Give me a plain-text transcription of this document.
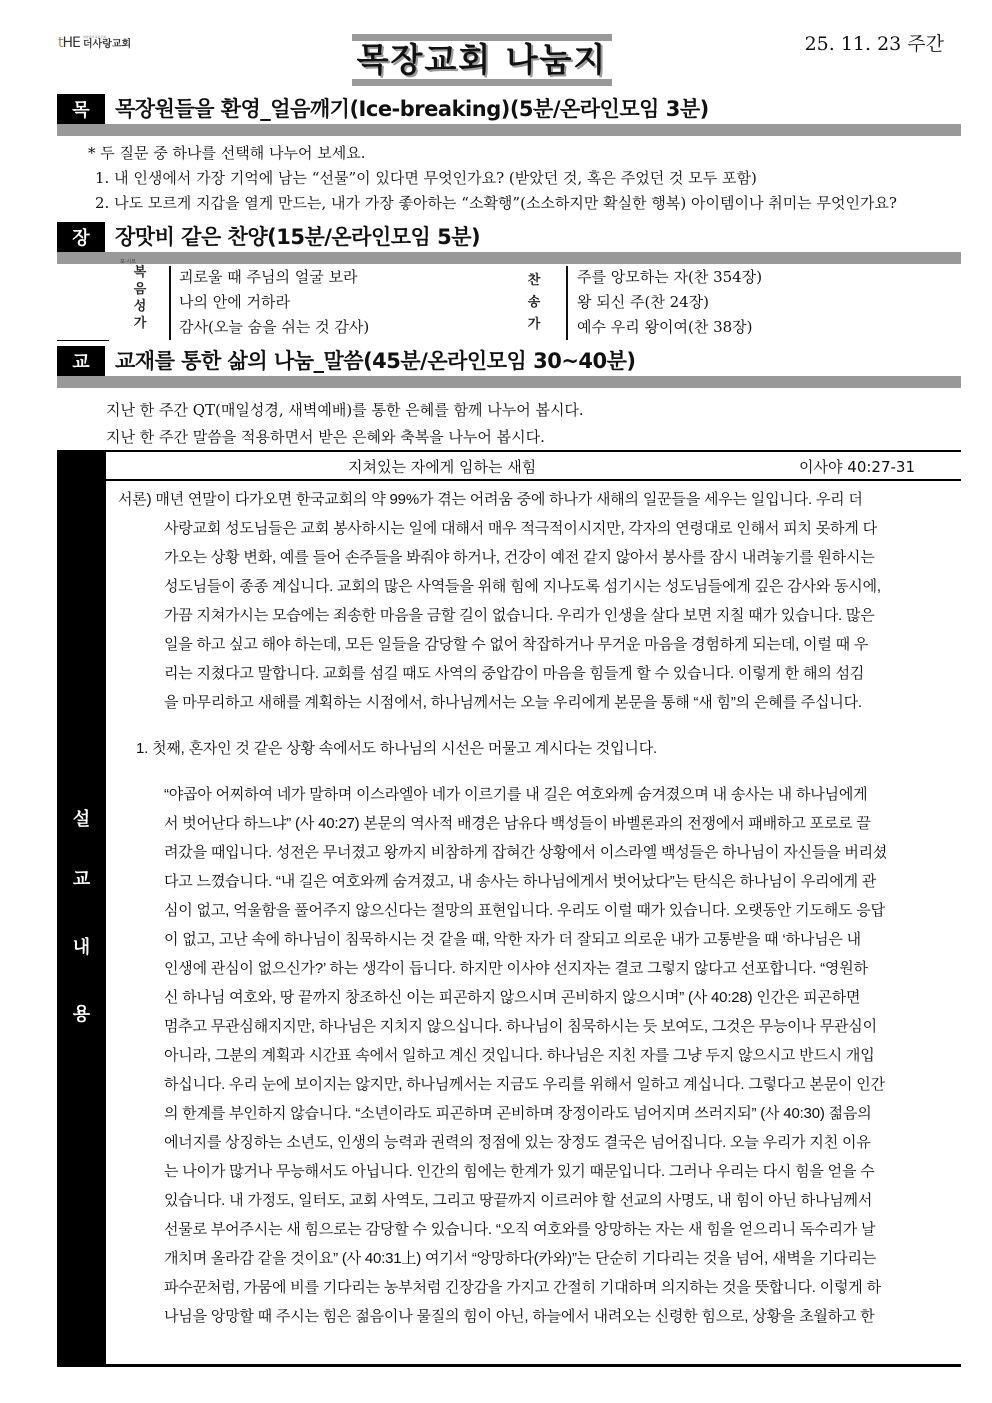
tHE 대한예수교장로회
더사랑교회	목장교회 나눔지	25. 11. 23 주간
목	목장원들을 환영_얼음깨기(Ice-breaking)(5분/온라인모임 3분)
* 두 질문 중 하나를 선택해 나누어 보세요.
1. 내 인생에서 가장 기억에 남는 “선물”이 있다면 무엇인가요? (받았던 것, 혹은 주었던 것 모두 포함)
2. 나도 모르게 지갑을 열게 만드는, 내가 가장 좋아하는 “소확행”(소소하지만 확실한 행복) 아이템이나 취미는 무엇인가요?
장	장맛비 같은 찬양(15분/온라인모임 5분)
포·시모
복
음
성
가
괴로울 때 주님의 얼굴 보라
나의 안에 거하라
감사(오늘 숨을 쉬는 것 감사)
찬
송
가
주를 앙모하는 자(찬 354장)
왕 되신 주(찬 24장)
예수 우리 왕이여(찬 38장)
교	교재를 통한 삶의 나눔_말씀(45분/온라인모임 30~40분)
지난 한 주간 QT(매일성경, 새벽예배)를 통한 은혜를 함께 나누어 봅시다.
지난 한 주간 말씀을 적용하면서 받은 은혜와 축복을 나누어 봅시다.
설
교
내
용
지쳐있는 자에게 임하는 새힘	이사야 40:27-31
서론) 매년 연말이 다가오면 한국교회의 약 99%가 겪는 어려움 중에 하나가 새해의 일꾼들을 세우는 일입니다. 우리 더
사랑교회 성도님들은 교회 봉사하시는 일에 대해서 매우 적극적이시지만, 각자의 연령대로 인해서 피치 못하게 다
가오는 상황 변화, 예를 들어 손주들을 봐줘야 하거나, 건강이 예전 같지 않아서 봉사를 잠시 내려놓기를 원하시는
성도님들이 종종 계십니다. 교회의 많은 사역들을 위해 힘에 지나도록 섬기시는 성도님들에게 깊은 감사와 동시에,
가끔 지쳐가시는 모습에는 죄송한 마음을 금할 길이 없습니다. 우리가 인생을 살다 보면 지칠 때가 있습니다. 많은
일을 하고 싶고 해야 하는데, 모든 일들을 감당할 수 없어 착잡하거나 무거운 마음을 경험하게 되는데, 이럴 때 우
리는 지쳤다고 말합니다. 교회를 섬길 때도 사역의 중압감이 마음을 힘들게 할 수 있습니다. 이렇게 한 해의 섬김
을 마무리하고 새해를 계획하는 시점에서, 하나님께서는 오늘 우리에게 본문을 통해 “새 힘”의 은혜를 주십니다.
1. 첫째, 혼자인 것 같은 상황 속에서도 하나님의 시선은 머물고 계시다는 것입니다.
“야곱아 어찌하여 네가 말하며 이스라엘아 네가 이르기를 내 길은 여호와께 숨겨졌으며 내 송사는 내 하나님에게
서 벗어난다 하느냐” (사 40:27) 본문의 역사적 배경은 남유다 백성들이 바벨론과의 전쟁에서 패배하고 포로로 끌
려갔을 때입니다. 성전은 무너졌고 왕까지 비참하게 잡혀간 상황에서 이스라엘 백성들은 하나님이 자신들을 버리셨
다고 느꼈습니다. “내 길은 여호와께 숨겨졌고, 내 송사는 하나님에게서 벗어났다”는 탄식은 하나님이 우리에게 관
심이 없고, 억울함을 풀어주지 않으신다는 절망의 표현입니다. 우리도 이럴 때가 있습니다. 오랫동안 기도해도 응답
이 없고, 고난 속에 하나님이 침묵하시는 것 같을 때, 악한 자가 더 잘되고 의로운 내가 고통받을 때 ‘하나님은 내
인생에 관심이 없으신가?’ 하는 생각이 듭니다. 하지만 이사야 선지자는 결코 그렇지 않다고 선포합니다. “영원하
신 하나님 여호와, 땅 끝까지 창조하신 이는 피곤하지 않으시며 곤비하지 않으시며” (사 40:28) 인간은 피곤하면
멈추고 무관심해지지만, 하나님은 지치지 않으십니다. 하나님이 침묵하시는 듯 보여도, 그것은 무능이나 무관심이
아니라, 그분의 계획과 시간표 속에서 일하고 계신 것입니다. 하나님은 지친 자를 그냥 두지 않으시고 반드시 개입
하십니다. 우리 눈에 보이지는 않지만, 하나님께서는 지금도 우리를 위해서 일하고 계십니다. 그렇다고 본문이 인간
의 한계를 부인하지 않습니다. “소년이라도 피곤하며 곤비하며 장정이라도 넘어지며 쓰러지되” (사 40:30) 젊음의
에너지를 상징하는 소년도, 인생의 능력과 권력의 정점에 있는 장정도 결국은 넘어집니다. 오늘 우리가 지친 이유
는 나이가 많거나 무능해서도 아닙니다. 인간의 힘에는 한계가 있기 때문입니다. 그러나 우리는 다시 힘을 얻을 수
있습니다. 내 가정도, 일터도, 교회 사역도, 그리고 땅끝까지 이르러야 할 선교의 사명도, 내 힘이 아닌 하나님께서
선물로 부어주시는 새 힘으로는 감당할 수 있습니다. “오직 여호와를 앙망하는 자는 새 힘을 얻으리니 독수리가 날
개치며 올라감 같을 것이요” (사 40:31上) 여기서 “앙망하다(카와)”는 단순히 기다리는 것을 넘어, 새벽을 기다리는
파수꾼처럼, 가뭄에 비를 기다리는 농부처럼 긴장감을 가지고 간절히 기대하며 의지하는 것을 뜻합니다. 이렇게 하
나님을 앙망할 때 주시는 힘은 젊음이나 물질의 힘이 아닌, 하늘에서 내려오는 신령한 힘으로, 상황을 초월하고 한
